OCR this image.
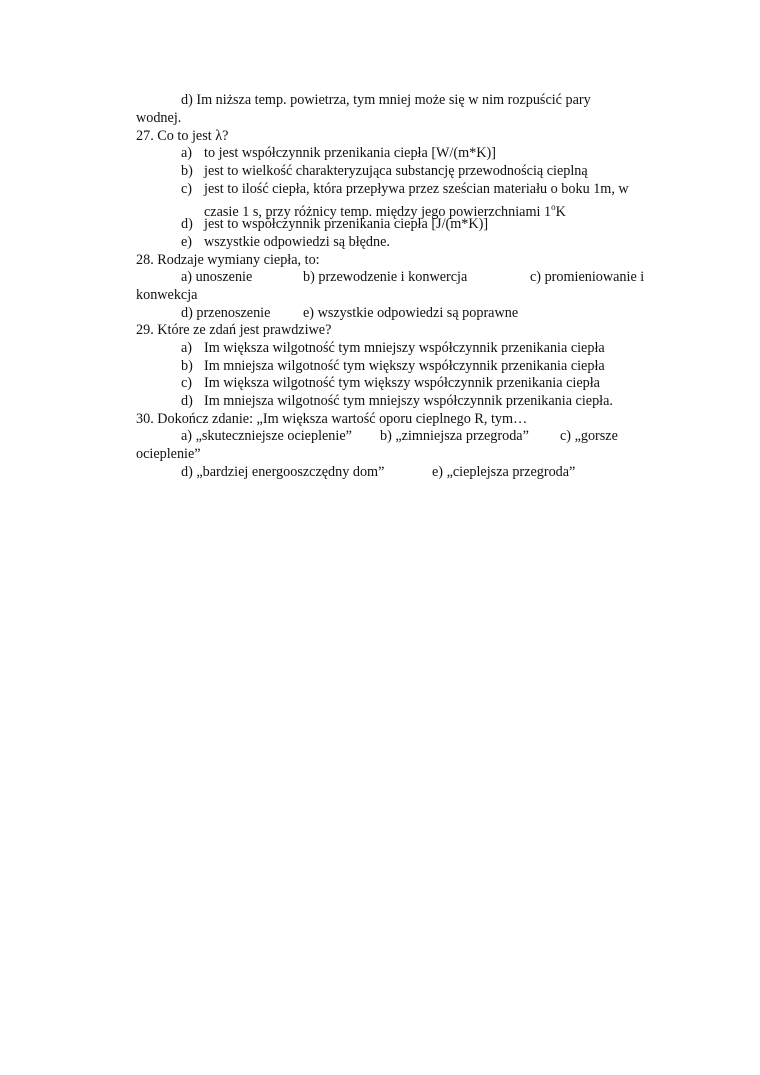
d) Im niższa temp. powietrza, tym mniej może się w nim rozpuścić pary
wodnej.
27. Co to jest λ?
a) to jest współczynnik przenikania ciepła [W/(m*K)]
b) jest to wielkość charakteryzująca substancję przewodnością cieplną
c) jest to ilość ciepła, która przepływa przez sześcian materiału o boku 1m, w
czasie 1 s, przy różnicy temp. między jego powierzchniami 1$^o$K
d) jest to współczynnik przenikania ciepła [J/(m*K)]
e) wszystkie odpowiedzi są błędne.
28. Rodzaje wymiany ciepła, to:
a) unoszenie	b) przewodzenie i konwercja	c) promieniowanie i
konwekcja
d) przenoszenie e) wszystkie odpowiedzi są poprawne
29. Które ze zdań jest prawdziwe?
a) Im większa wilgotność tym mniejszy współczynnik przenikania ciepła
b) Im mniejsza wilgotność tym większy współczynnik przenikania ciepła
c) Im większa wilgotność tym większy współczynnik przenikania ciepła
d) Im mniejsza wilgotność tym mniejszy współczynnik przenikania ciepła.
30. Dokończ zdanie: „Im większa wartość oporu cieplnego R, tym…
a) „skuteczniejsze ocieplenie” b) „zimniejsza przegroda” c) „gorsze
ocieplenie”
d) „bardziej energooszczędny dom”	e) „cieplejsza przegroda”
